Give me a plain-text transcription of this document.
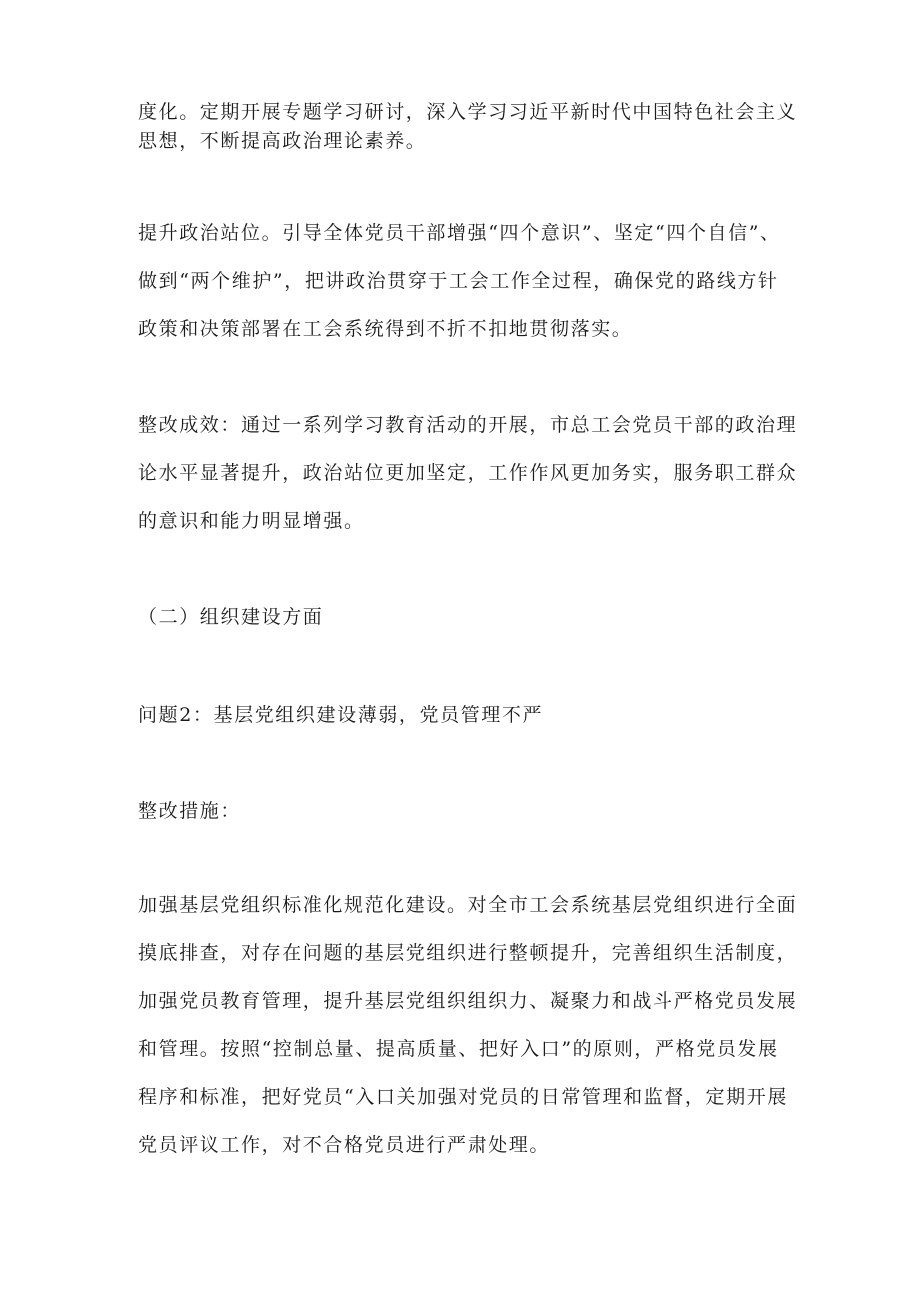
度化。定期开展专题学习研讨，深入学习习近平新时代中国特色社会主义
思想，不断提高政治理论素养。
提升政治站位。引导全体党员干部增强“四个意识”、坚定“四个自信”、
做到“两个维护”，把讲政治贯穿于工会工作全过程，确保党的路线方针
政策和决策部署在工会系统得到不折不扣地贯彻落实。
整改成效：通过一系列学习教育活动的开展，市总工会党员干部的政治理
论水平显著提升，政治站位更加坚定，工作作风更加务实，服务职工群众
的意识和能力明显增强。
（二）组织建设方面
问题2：基层党组织建设薄弱，党员管理不严
整改措施：
加强基层党组织标准化规范化建设。对全市工会系统基层党组织进行全面
摸底排查，对存在问题的基层党组织进行整顿提升，完善组织生活制度，
加强党员教育管理，提升基层党组织组织力、凝聚力和战斗严格党员发展
和管理。按照“控制总量、提高质量、把好入口”的原则，严格党员发展
程序和标准，把好党员“入口关加强对党员的日常管理和监督，定期开展
党员评议工作，对不合格党员进行严肃处理。
